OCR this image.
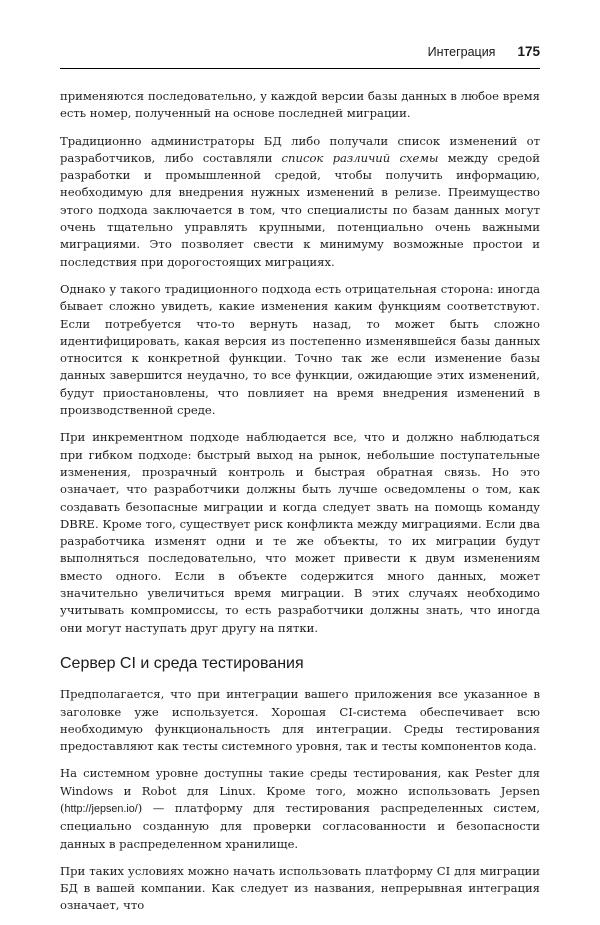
Интеграция 175

применяются последовательно, у каждой версии базы данных в любое время есть номер, полученный на основе последней миграции.

Традиционно администраторы БД либо получали список изменений от разработчиков, либо составляли список различий схемы между средой разработки и промышленной средой, чтобы получить информацию, необходимую для внедрения нужных изменений в релизе. Преимущество этого подхода заключается в том, что специалисты по базам данных могут очень тщательно управлять крупными, потенциально очень важными миграциями. Это позволяет свести к минимуму возможные простои и последствия при дорогостоящих миграциях.

Однако у такого традиционного подхода есть отрицательная сторона: иногда бывает сложно увидеть, какие изменения каким функциям соответствуют. Если потребуется что-то вернуть назад, то может быть сложно идентифицировать, какая версия из постепенно изменявшейся базы данных относится к конкретной функции. Точно так же если изменение базы данных завершится неудачно, то все функции, ожидающие этих изменений, будут приостановлены, что повлияет на время внедрения изменений в производственной среде.

При инкрементном подходе наблюдается все, что и должно наблюдаться при гибком подходе: быстрый выход на рынок, небольшие поступательные изменения, прозрачный контроль и быстрая обратная связь. Но это означает, что разработчики должны быть лучше осведомлены о том, как создавать безопасные миграции и когда следует звать на помощь команду DBRE. Кроме того, существует риск конфликта между миграциями. Если два разработчика изменят одни и те же объекты, то их миграции будут выполняться последовательно, что может привести к двум изменениям вместо одного. Если в объекте содержится много данных, может значительно увеличиться время миграции. В этих случаях необходимо учитывать компромиссы, то есть разработчики должны знать, что иногда они могут наступать друг другу на пятки.

Сервер CI и среда тестирования

Предполагается, что при интеграции вашего приложения все указанное в заголовке уже используется. Хорошая CI-система обеспечивает всю необходимую функциональность для интеграции. Среды тестирования предоставляют как тесты системного уровня, так и тесты компонентов кода.

На системном уровне доступны такие среды тестирования, как Pester для Windows и Robot для Linux. Кроме того, можно использовать Jepsen (http://jepsen.io/) — платформу для тестирования распределенных систем, специально созданную для проверки согласованности и безопасности данных в распределенном хранилище.

При таких условиях можно начать использовать платформу CI для миграции БД в вашей компании. Как следует из названия, непрерывная интеграция означает, что
